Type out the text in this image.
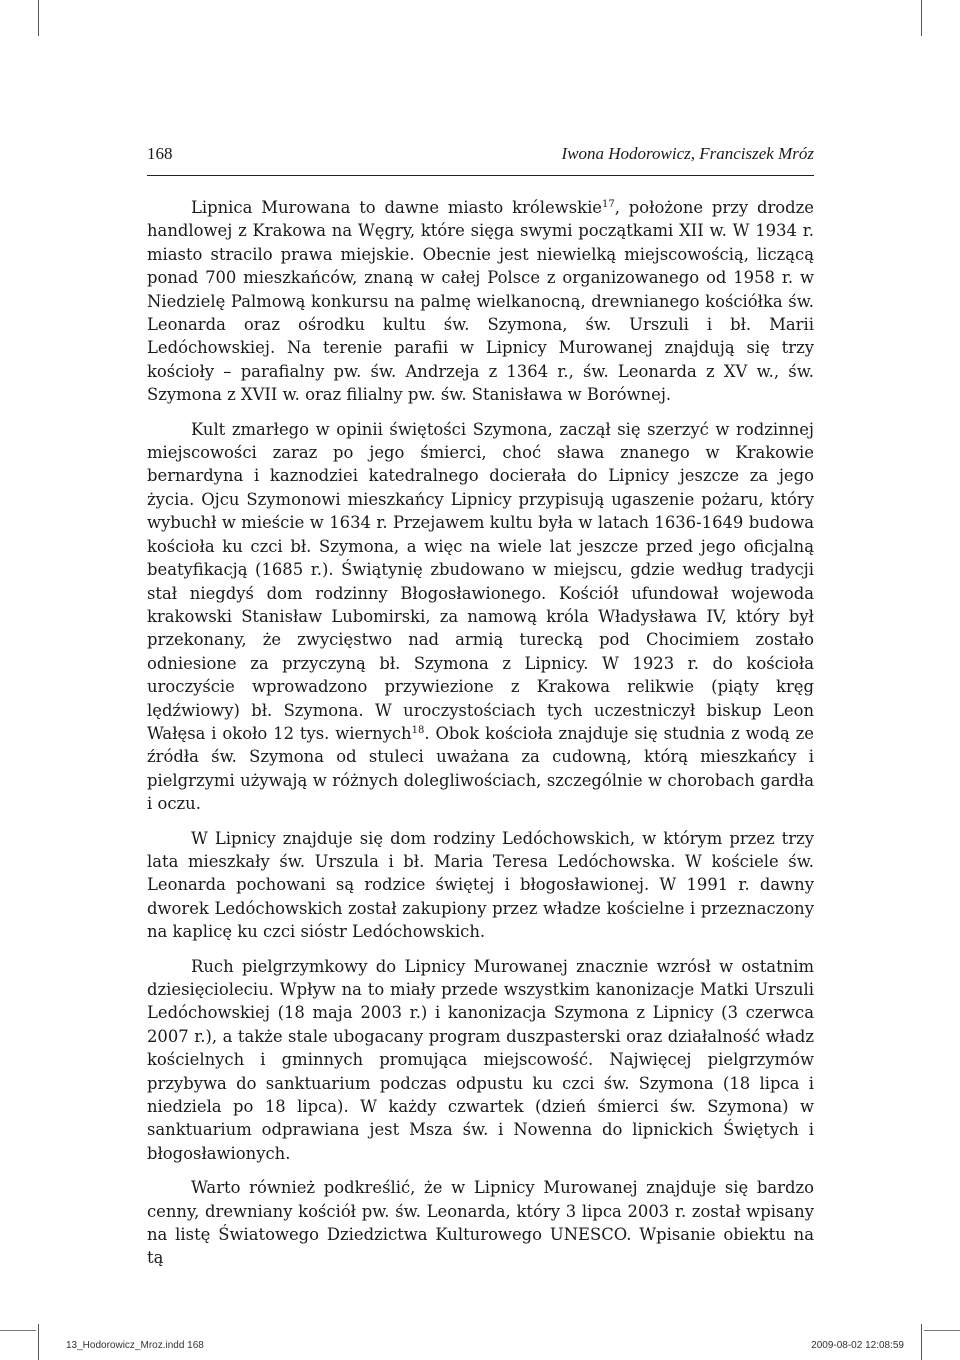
168	Iwona Hodorowicz, Franciszek Mróz

Lipnica Murowana to dawne miasto królewskie$^{17}$, położone przy drodze handlowej z Krakowa na Węgry, które sięga swymi początkami XII w. W 1934 r. miasto stracilo prawa miejskie. Obecnie jest niewielką miejscowością, liczącą ponad 700 mieszkańców, znaną w całej Polsce z organizowanego od 1958 r. w Niedzielę Palmową konkursu na palmę wielkanocną, drewnianego kościółka św. Leonarda oraz ośrodku kultu św. Szymona, św. Urszuli i bł. Marii Ledóchowskiej. Na terenie parafii w Lipnicy Murowanej znajdują się trzy kościoły – parafialny pw. św. Andrzeja z 1364 r., św. Leonarda z XV w., św. Szymona z XVII w. oraz filialny pw. św. Stanisława w Borównej.

Kult zmarłego w opinii świętości Szymona, zaczął się szerzyć w rodzinnej miejscowości zaraz po jego śmierci, choć sława znanego w Krakowie bernardyna i kaznodziei katedralnego docierała do Lipnicy jeszcze za jego życia. Ojcu Szymonowi mieszkańcy Lipnicy przypisują ugaszenie pożaru, który wybuchł w mieście w 1634 r. Przejawem kultu była w latach 1636-1649 budowa kościoła ku czci bł. Szymona, a więc na wiele lat jeszcze przed jego oficjalną beatyfikacją (1685 r.). Świątynię zbudowano w miejscu, gdzie według tradycji stał niegdyś dom rodzinny Błogosławionego. Kościół ufundował wojewoda krakowski Stanisław Lubomirski, za namową króla Władysława IV, który był przekonany, że zwycięstwo nad armią turecką pod Chocimiem zostało odniesione za przyczyną bł. Szymona z Lipnicy. W 1923 r. do kościoła uroczyście wprowadzono przywiezione z Krakowa relikwie (piąty kręg lędźwiowy) bł. Szymona. W uroczystościach tych uczestniczył biskup Leon Wałęsa i około 12 tys. wiernych$^{18}$. Obok kościoła znajduje się studnia z wodą ze źródła św. Szymona od stuleci uważana za cudowną, którą mieszkańcy i pielgrzymi używają w różnych dolegliwościach, szczególnie w chorobach gardła i oczu.

W Lipnicy znajduje się dom rodziny Ledóchowskich, w którym przez trzy lata mieszkały św. Urszula i bł. Maria Teresa Ledóchowska. W kościele św. Leonarda pochowani są rodzice świętej i błogosławionej. W 1991 r. dawny dworek Ledóchowskich został zakupiony przez władze kościelne i przeznaczony na kaplicę ku czci sióstr Ledóchowskich.

Ruch pielgrzymkowy do Lipnicy Murowanej znacznie wzrósł w ostatnim dziesięcioleciu. Wpływ na to miały przede wszystkim kanonizacje Matki Urszuli Ledóchowskiej (18 maja 2003 r.) i kanonizacja Szymona z Lipnicy (3 czerwca 2007 r.), a także stale ubogacany program duszpasterski oraz działalność władz kościelnych i gminnych promująca miejscowość. Najwięcej pielgrzymów przybywa do sanktuarium podczas odpustu ku czci św. Szymona (18 lipca i niedziela po 18 lipca). W każdy czwartek (dzień śmierci św. Szymona) w sanktuarium odprawiana jest Msza św. i Nowenna do lipnickich Świętych i błogosławionych.

Warto również podkreślić, że w Lipnicy Murowanej znajduje się bardzo cenny, drewniany kościół pw. św. Leonarda, który 3 lipca 2003 r. został wpisany na listę Światowego Dziedzictwa Kulturowego UNESCO. Wpisanie obiektu na tą

13_Hodorowicz_Mroz.indd 168	2009-08-02 12:08:59
